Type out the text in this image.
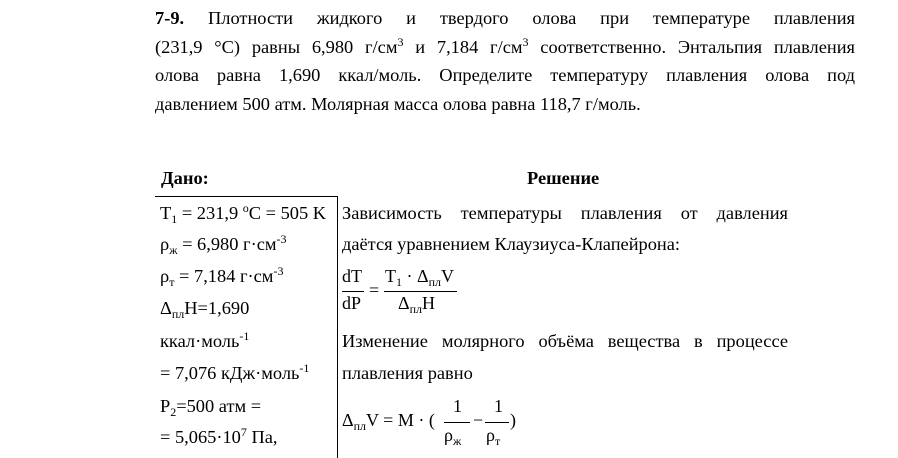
7-9. Плотности жидкого и твердого олова при температуре плавления
(231,9 °С) равны 6,980 $г/см^3$ и 7,184 $г/см^3$ соответственно. Энтальпия плавления
олова равна 1,690 ккал/моль. Определите температуру плавления олова под
давлением 500 атм. Молярная масса олова равна 118,7 г/моль.
Дано:	Решение
$T_1 = 231,9$ $^o$C = 505 K
$\rho_ж = 6,980$ $г\cdot см^{-3}$
$\rho_т = 7,184$ $г\cdot см^{-3}$
$\Delta_{пл}H=1,690$
ккал·моль$^{-1}$
= 7,076 кДж·моль$^{-1}$
$P_2=500$ атм =
= $5,065\cdot 10^7$ Па,
Зависимость температуры плавления от давления
даётся уравнением Клаузиуса-Клапейрона:
dT
dP
=
$T_1 \cdot \Delta_{пл}V$
$\Delta_{пл}H$
Изменение молярного объёма вещества в процессе
плавления равно
$\Delta_{пл}V = M$ · (
1
$\rho_ж$
−
1
$\rho_т$
)
